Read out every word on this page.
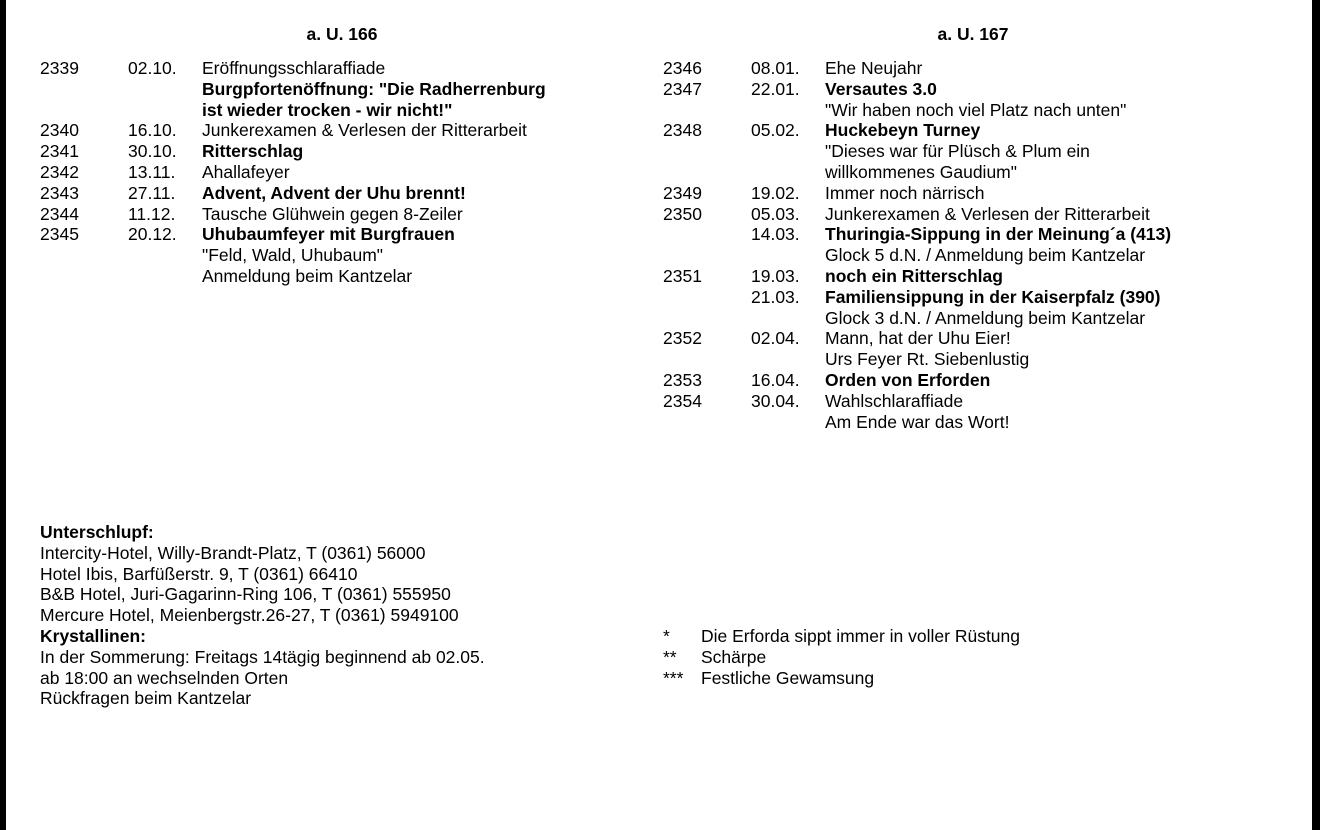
a. U. 166
2339	02.10.	Eröffnungsschlaraffiade
Burgpfortenöffnung: "Die Radherrenburg
ist wieder trocken - wir nicht!"
2340	16.10.	Junkerexamen & Verlesen der Ritterarbeit
2341	30.10.	Ritterschlag
2342	13.11.	Ahallafeyer
2343	27.11.	Advent, Advent der Uhu brennt!
2344	11.12.	Tausche Glühwein gegen 8-Zeiler
2345	20.12.	Uhubaumfeyer mit Burgfrauen
"Feld, Wald, Uhubaum"
Anmeldung beim Kantzelar
a. U. 167
2346	08.01.	Ehe Neujahr
2347	22.01.	Versautes 3.0
"Wir haben noch viel Platz nach unten"
2348	05.02.	Huckebeyn Turney
"Dieses war für Plüsch & Plum ein
willkommenes Gaudium"
2349	19.02.	Immer noch närrisch
2350	05.03.	Junkerexamen & Verlesen der Ritterarbeit
14.03.	Thuringia-Sippung in der Meinung´a (413)
Glock 5 d.N. / Anmeldung beim Kantzelar
2351	19.03.	noch ein Ritterschlag
21.03.	Familiensippung in der Kaiserpfalz (390)
Glock 3 d.N. / Anmeldung beim Kantzelar
2352	02.04.	Mann, hat der Uhu Eier!
Urs Feyer Rt. Siebenlustig
2353	16.04.	Orden von Erforden
2354	30.04.	Wahlschlaraffiade
Am Ende war das Wort!
Unterschlupf:
Intercity-Hotel, Willy-Brandt-Platz, T (0361) 56000
Hotel Ibis, Barfüßerstr. 9, T (0361) 66410
B&B Hotel, Juri-Gagarinn-Ring 106, T (0361) 555950
Mercure Hotel, Meienbergstr.26-27, T (0361) 5949100
Krystallinen:
In der Sommerung: Freitags 14tägig beginnend ab 02.05.
ab 18:00 an wechselnden Orten
Rückfragen beim Kantzelar
*	Die Erforda sippt immer in voller Rüstung
**	Schärpe
***	Festliche Gewamsung
